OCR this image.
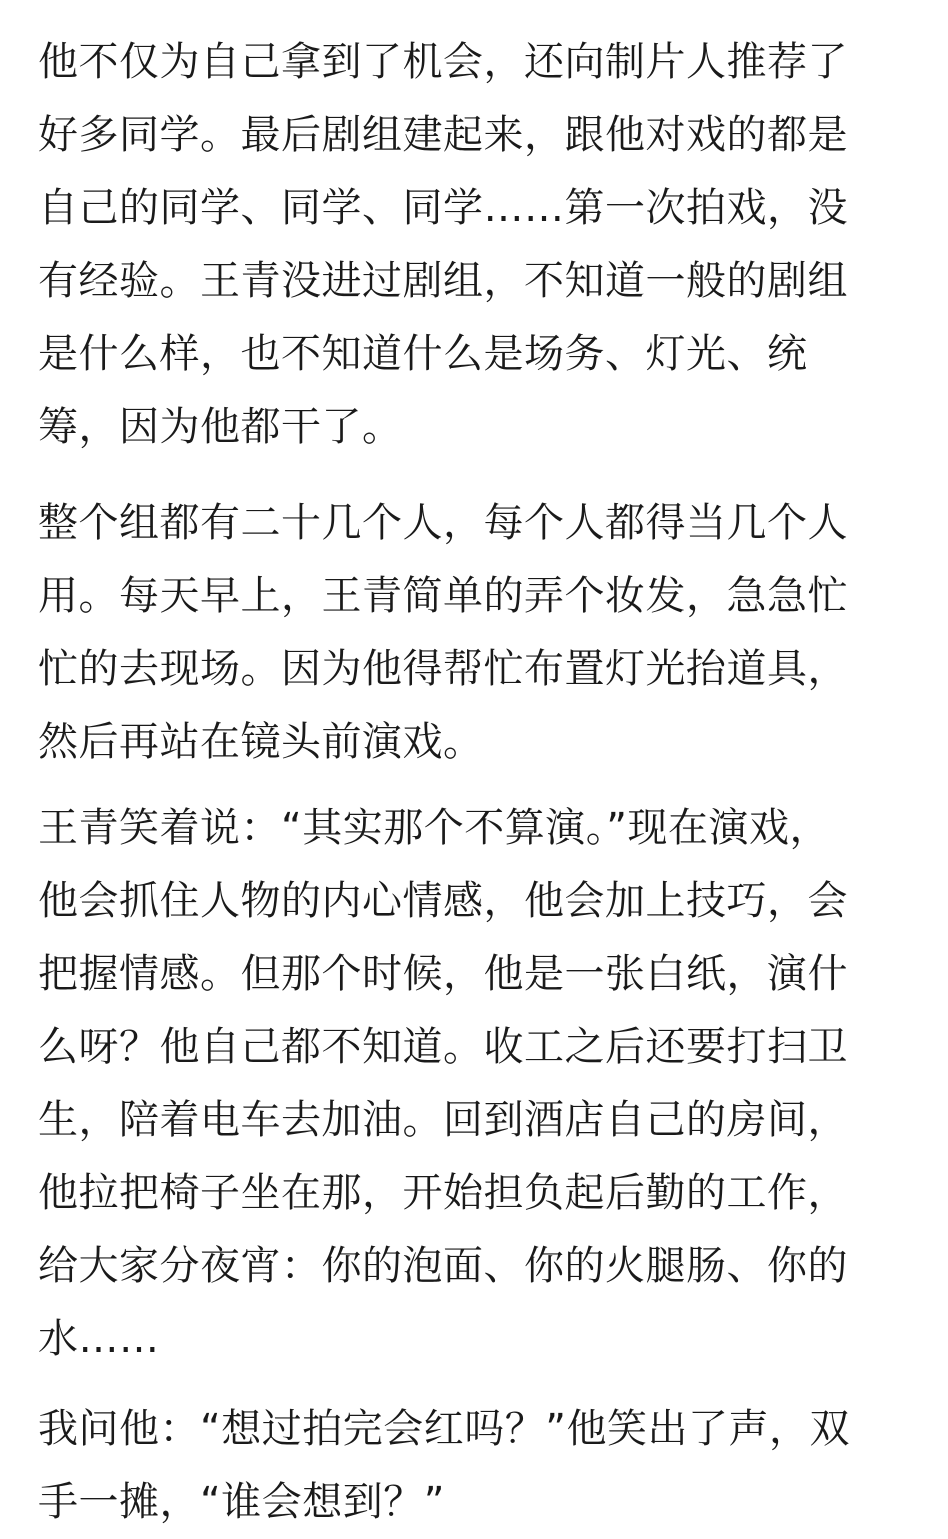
他不仅为自己拿到了机会，还向制片人推荐了
好多同学。最后剧组建起来，跟他对戏的都是
自己的同学、同学、同学……第一次拍戏，没
有经验。王青没进过剧组，不知道一般的剧组
是什么样，也不知道什么是场务、灯光、统
筹，因为他都干了。

整个组都有二十几个人，每个人都得当几个人
用。每天早上，王青简单的弄个妆发，急急忙
忙的去现场。因为他得帮忙布置灯光抬道具，
然后再站在镜头前演戏。

王青笑着说：“其实那个不算演。”现在演戏，
他会抓住人物的内心情感，他会加上技巧，会
把握情感。但那个时候，他是一张白纸，演什
么呀？他自己都不知道。收工之后还要打扫卫
生，陪着电车去加油。回到酒店自己的房间，
他拉把椅子坐在那，开始担负起后勤的工作，
给大家分夜宵：你的泡面、你的火腿肠、你的
水……

我问他：“想过拍完会红吗？”他笑出了声，双
手一摊，“谁会想到？”
